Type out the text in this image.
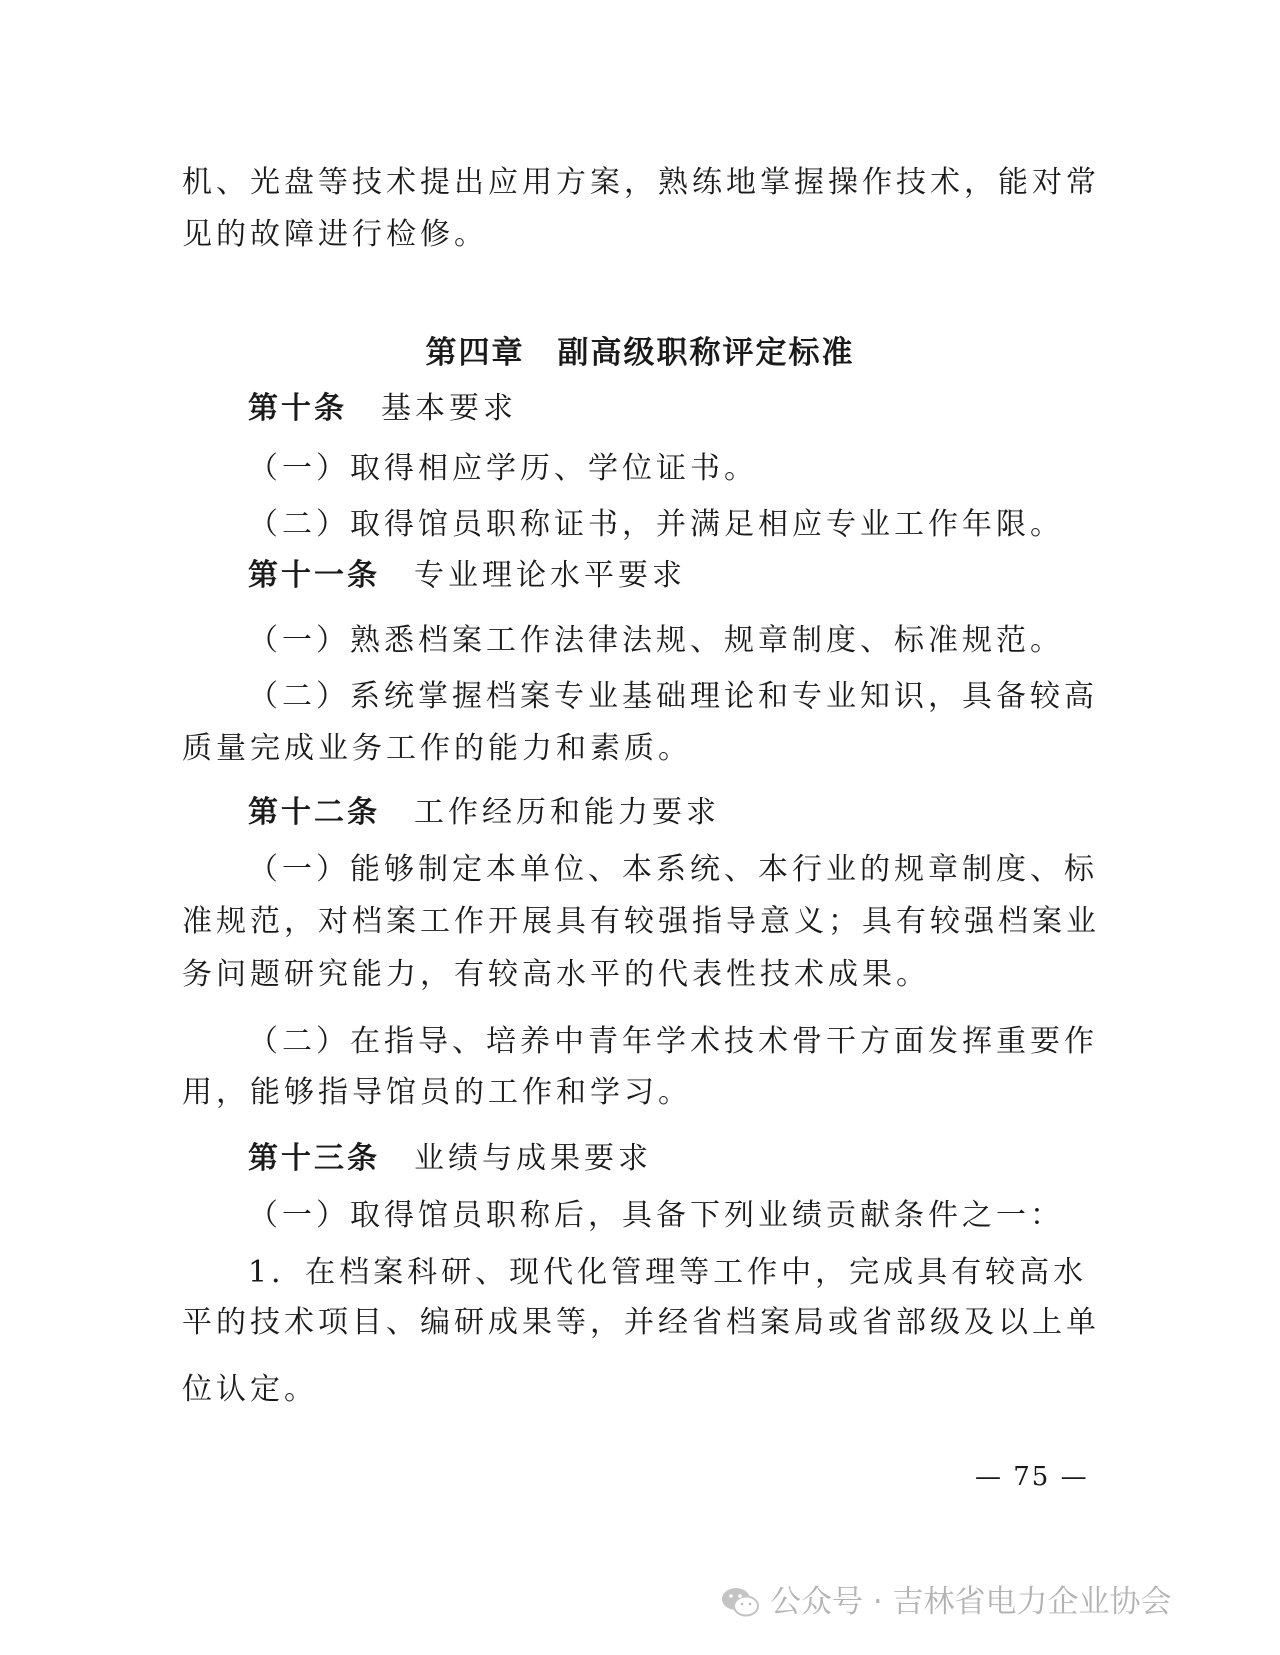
机、光盘等技术提出应用方案，熟练地掌握操作技术，能对常
见的故障进行检修。
第四章　副高级职称评定标准
第十条 基本要求
（一）取得相应学历、学位证书。
（二）取得馆员职称证书，并满足相应专业工作年限。
第十一条 专业理论水平要求
（一）熟悉档案工作法律法规、规章制度、标准规范。
（二）系统掌握档案专业基础理论和专业知识，具备较高
质量完成业务工作的能力和素质。
第十二条 工作经历和能力要求
（一）能够制定本单位、本系统、本行业的规章制度、标
准规范，对档案工作开展具有较强指导意义；具有较强档案业
务问题研究能力，有较高水平的代表性技术成果。
（二）在指导、培养中青年学术技术骨干方面发挥重要作
用，能够指导馆员的工作和学习。
第十三条 业绩与成果要求
（一）取得馆员职称后，具备下列业绩贡献条件之一：
1．在档案科研、现代化管理等工作中，完成具有较高水
平的技术项目、编研成果等，并经省档案局或省部级及以上单
位认定。
— 75 —
公众号 · 吉林省电力企业协会
